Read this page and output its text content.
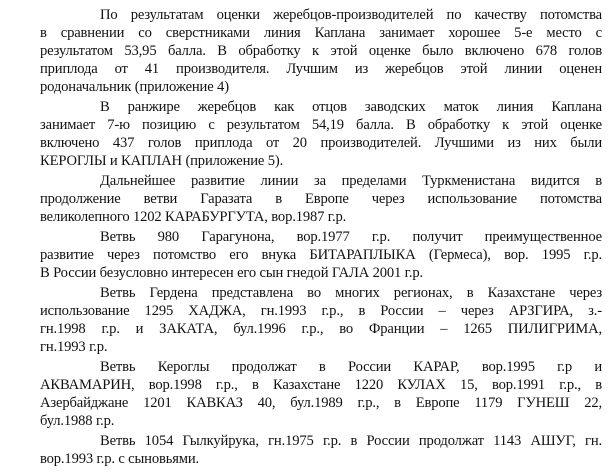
По результатам оценки жеребцов-производителей по качеству потомства
в сравнении со сверстниками линия Каплана занимает хорошее 5-е место с
результатом 53,95 балла. В обработку к этой оценке было включено 678 голов
приплода от 41 производителя. Лучшим из жеребцов этой линии оценен
родоначальник (приложение 4)
В ранжире жеребцов как отцов заводских маток линия Каплана
занимает 7-ю позицию с результатом 54,19 балла. В обработку к этой оценке
включено 437 голов приплода от 20 производителей. Лучшими из них были
КЕРОГЛЫ и КАПЛАН (приложение 5).
Дальнейшее развитие линии за пределами Туркменистана видится в
продолжение ветви Гаразата в Европе через использование потомства
великолепного 1202 КАРАБУРГУТА, вор.1987 г.р.
Ветвь 980 Гарагунона, вор.1977 г.р. получит преимущественное
развитие через потомство его внука БИТАРАПЛЫКА (Гермеса), вор. 1995 г.р.
В России безусловно интересен его сын гнедой ГАЛА 2001 г.р.
Ветвь Гердена представлена во многих регионах, в Казахстане через
использование 1295 ХАДЖА, гн.1993 г.р., в России – через АРЗГИРА, з.-
гн.1998 г.р. и ЗАКАТА, бул.1996 г.р., во Франции – 1265 ПИЛИГРИМА,
гн.1993 г.р.
Ветвь Кероглы продолжат в России КАРАР, вор.1995 г.р и
АКВАМАРИН, вор.1998 г.р., в Казахстане 1220 КУЛАХ 15, вор.1991 г.р., в
Азербайджане 1201 КАВКАЗ 40, бул.1989 г.р., в Европе 1179 ГУНЕШ 22,
бул.1988 г.р.
Ветвь 1054 Гылкуйрука, гн.1975 г.р. в России продолжат 1143 АШУГ, гн.
вор.1993 г.р. с сыновьями.
